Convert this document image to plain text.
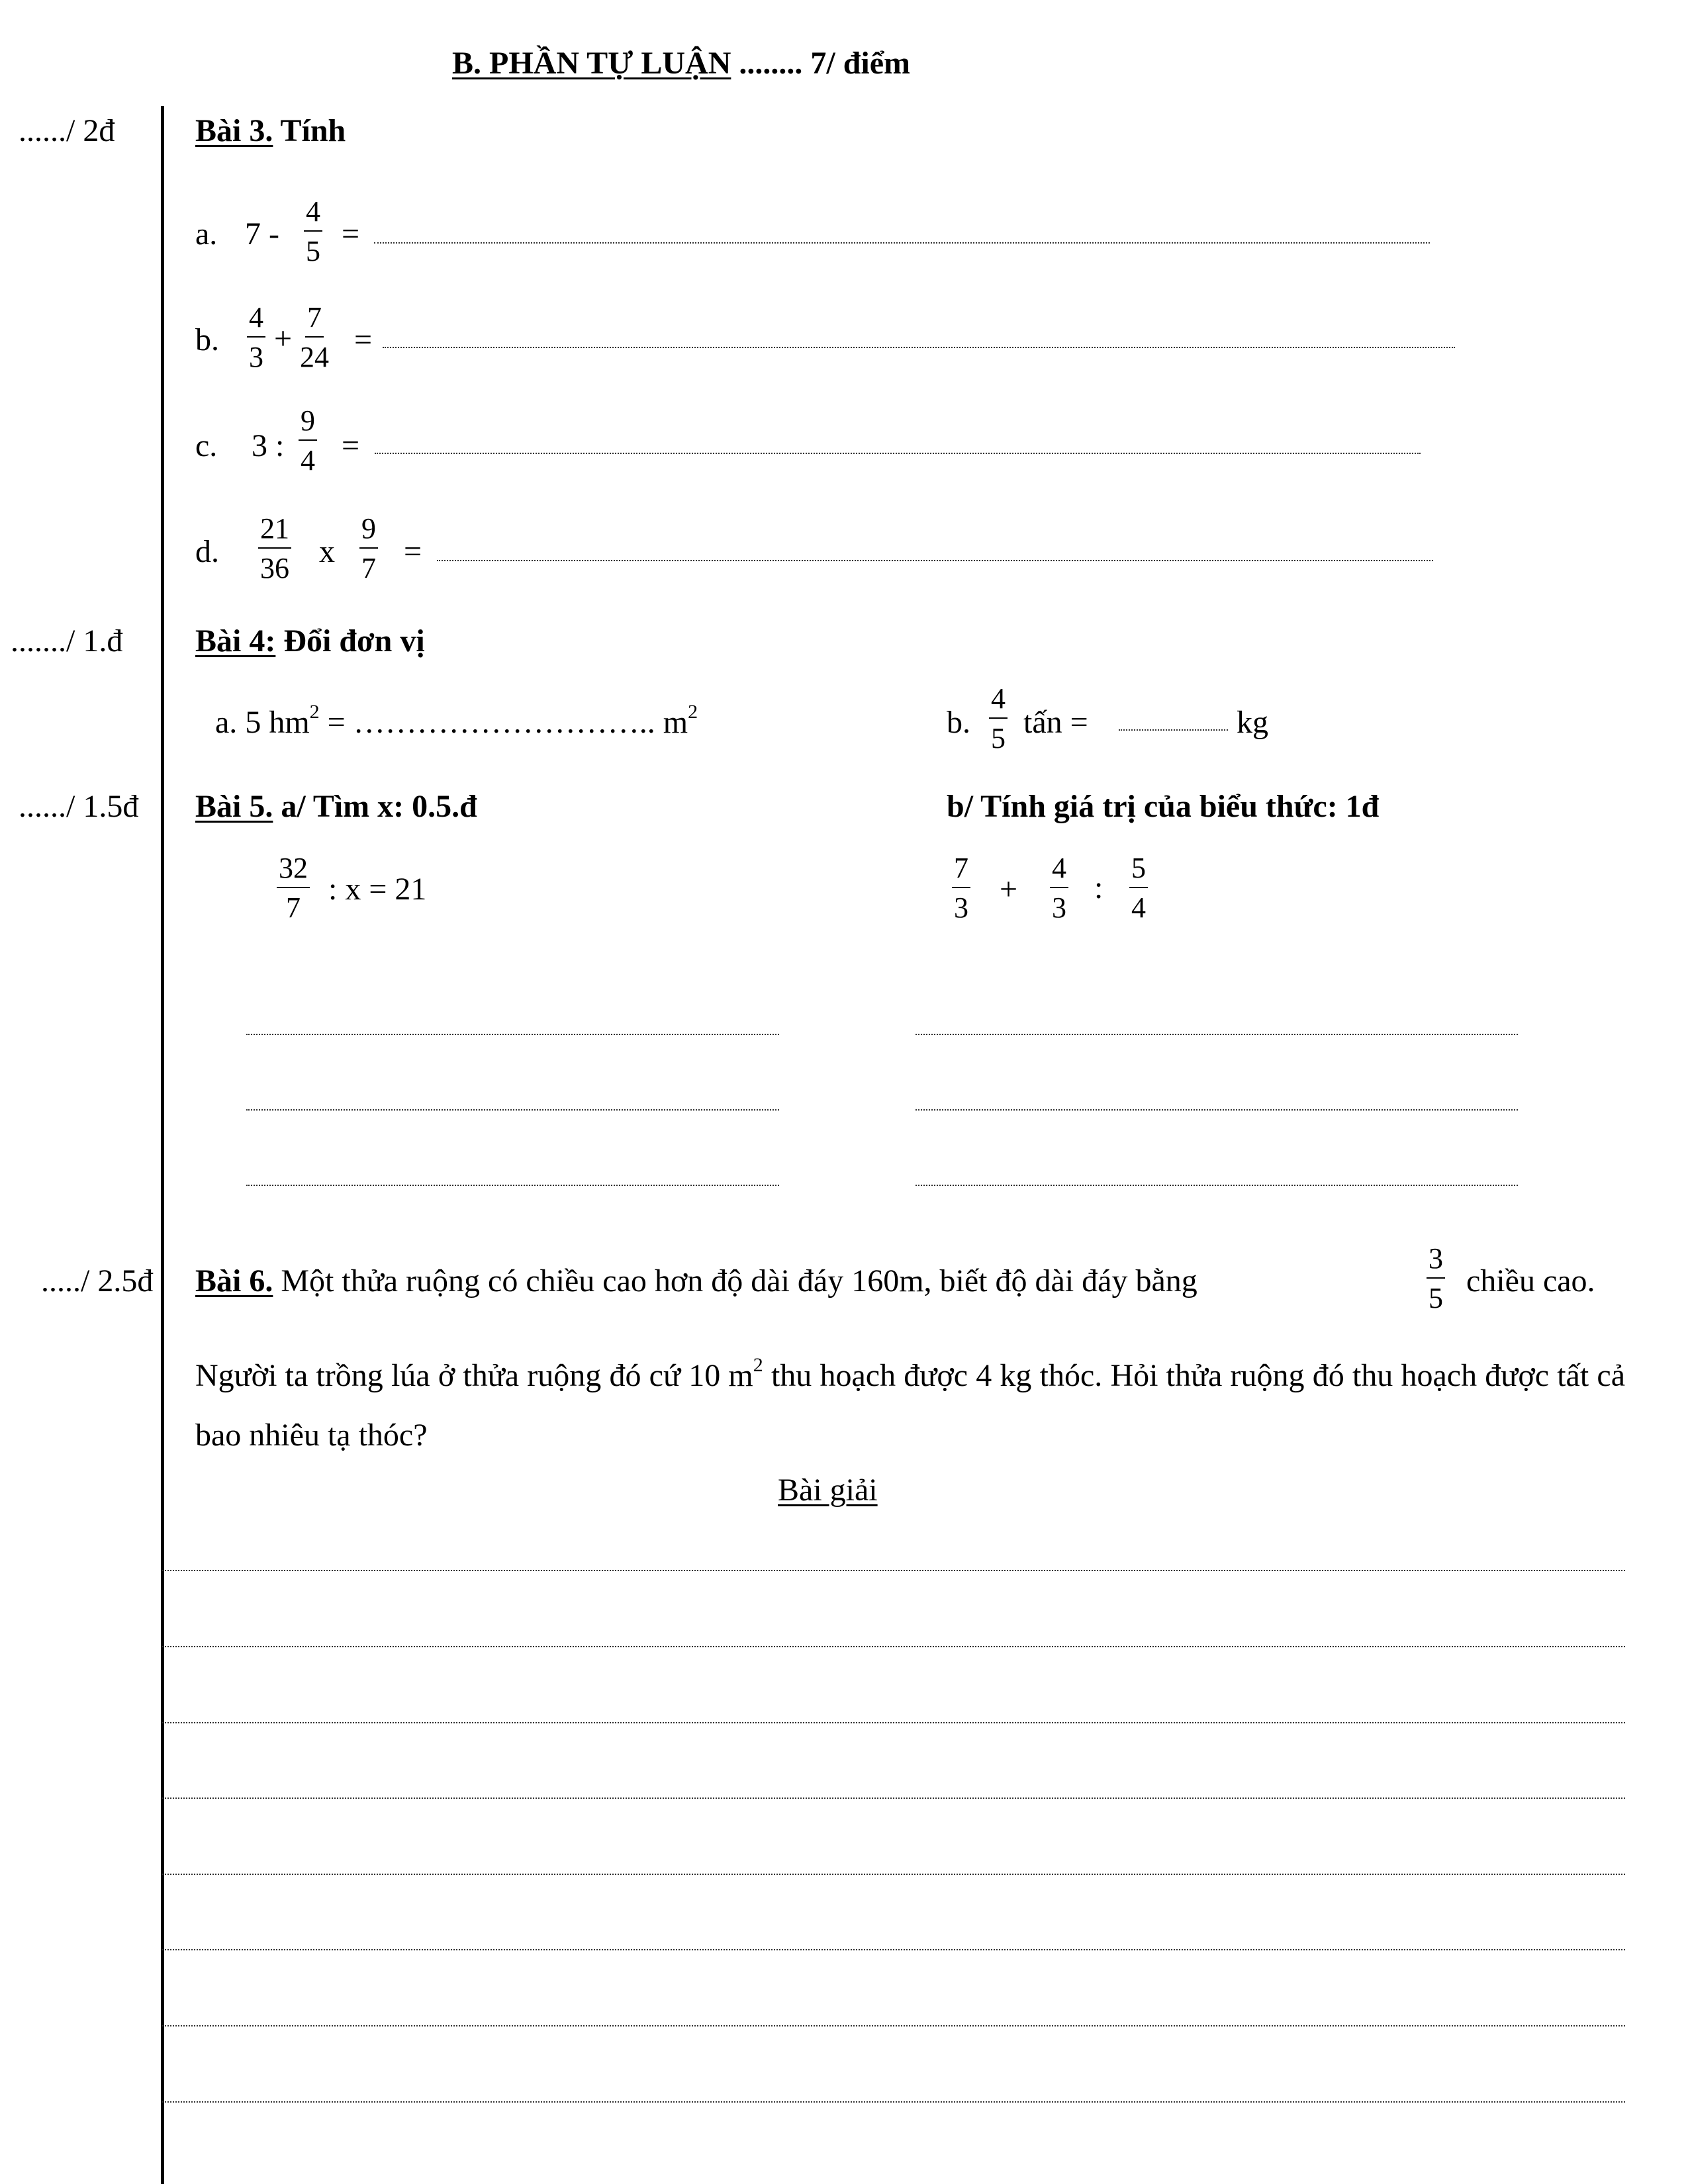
B. PHẦN TỰ LUẬN ........ 7/ điểm
....../ 2đ	Bài 3. Tính
a. $7 - \frac{4}{5}$ =
b. $\frac{4}{3} + \frac{7}{24}$ =
c. 3 : $\frac{9}{4}$ =
d. $\frac{21}{36}$ x $\frac{9}{7}$ =
......./ 1.đ Bài 4: Đổi đơn vị
a. 5 $hm^2$ = ……………………….. $m^2$	b. $\frac{4}{5}$ tấn =	kg
....../ 1.5đ Bài 5. a/ Tìm x: 0.5.đ	b/ Tính giá trị của biểu thức: 1đ
$\frac{32}{7}$ : x = 21	$\frac{7}{3} + \frac{4}{3}$ : $\frac{5}{4}$
...../ 2.5đ Bài 6. Một thửa ruộng có chiều cao hơn độ dài đáy 160m, biết độ dài đáy bằng	$\frac{3}{5}$ chiều cao.
Người ta trồng lúa ở thửa ruộng đó cứ 10 $m^2$ thu hoạch được 4 kg thóc. Hỏi thửa ruộng đó thu hoạch được tất cả bao nhiêu tạ thóc?
Bài giải
